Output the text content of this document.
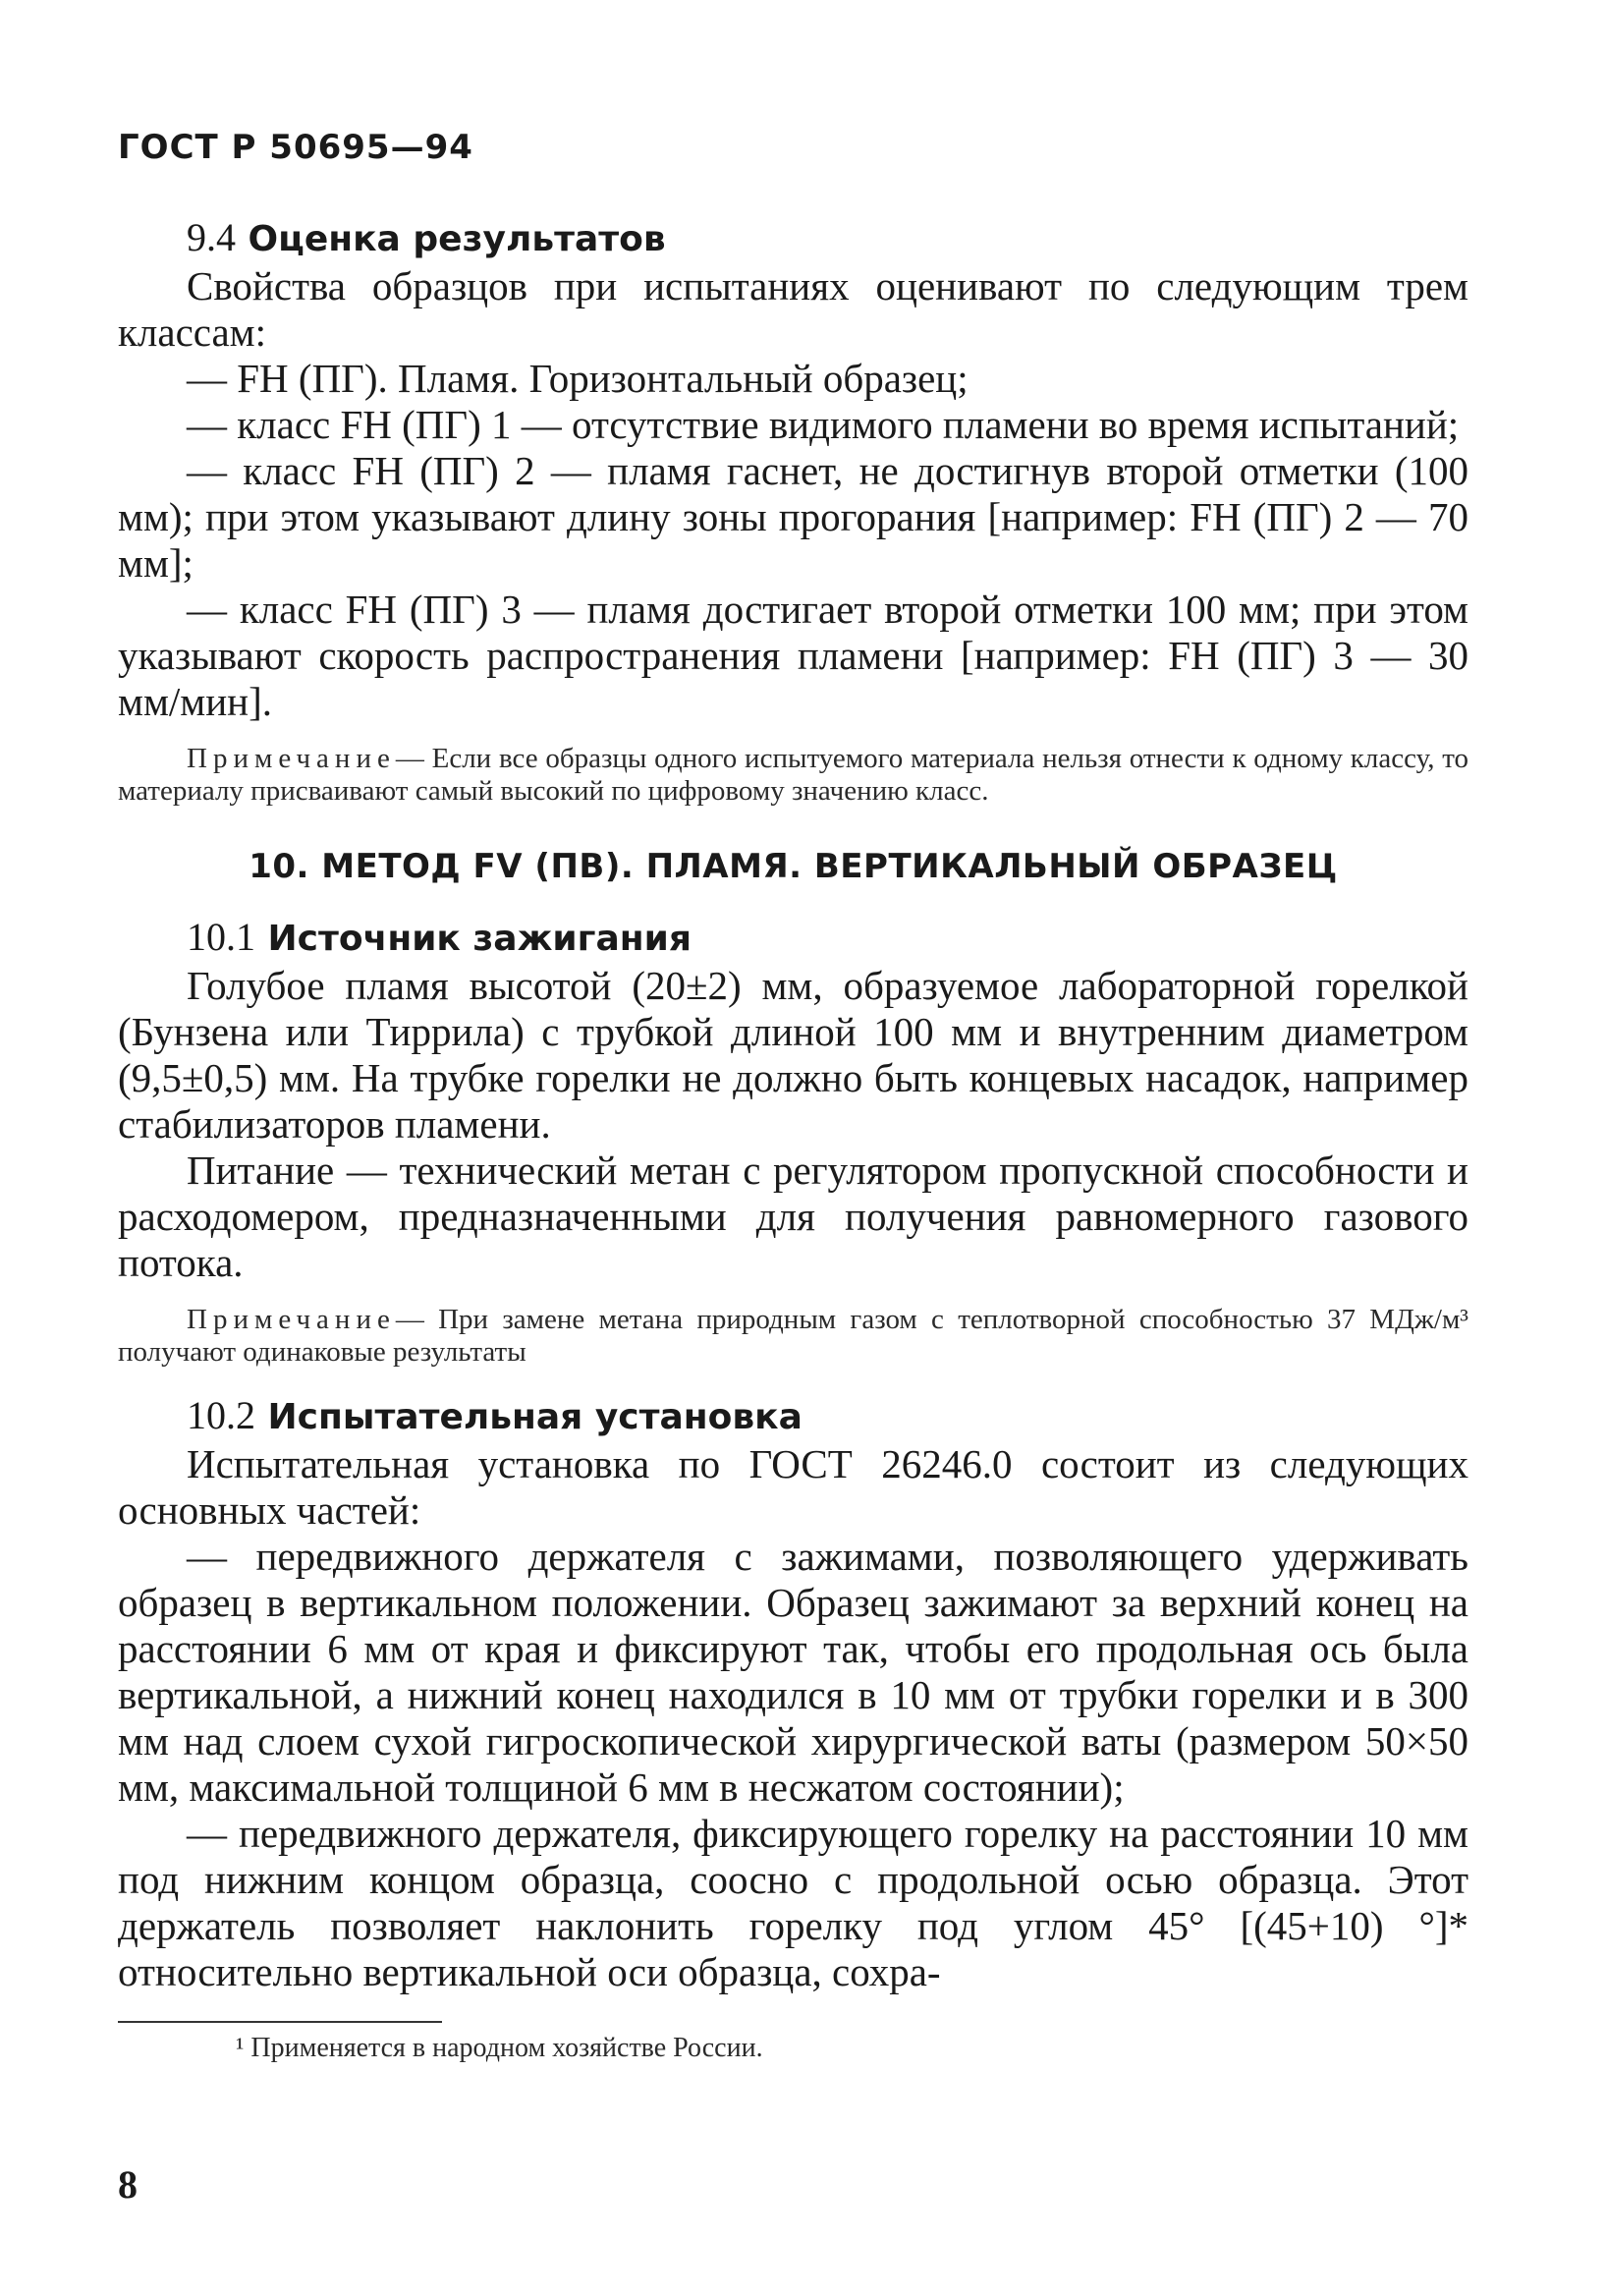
ГОСТ Р 50695—94

9.4 Оценка результатов

Свойства образцов при испытаниях оценивают по следующим трем классам:

— FH (ПГ). Пламя. Горизонтальный образец;

— класс FH (ПГ) 1 — отсутствие видимого пламени во время испытаний;

— класс FH (ПГ) 2 — пламя гаснет, не достигнув второй отметки (100 мм); при этом указывают длину зоны прогорания [например: FH (ПГ) 2 — 70 мм];

— класс FH (ПГ) 3 — пламя достигает второй отметки 100 мм; при этом указывают скорость распространения пламени [например: FH (ПГ) 3 — 30 мм/мин].

Примечание— Если все образцы одного испытуемого материала нельзя отнести к одному классу, то материалу присваивают самый высокий по цифровому значению класс.

10. МЕТОД FV (ПВ). ПЛАМЯ. ВЕРТИКАЛЬНЫЙ ОБРАЗЕЦ

10.1 Источник зажигания

Голубое пламя высотой (20±2) мм, образуемое лабораторной горелкой (Бунзена или Тиррила) с трубкой длиной 100 мм и внутренним диаметром (9,5±0,5) мм. На трубке горелки не должно быть концевых насадок, например стабилизаторов пламени.

Питание — технический метан с регулятором пропускной способности и расходомером, предназначенными для получения равномерного газового потока.

Примечание— При замене метана природным газом с теплотворной способностью 37 МДж/м³ получают одинаковые результаты

10.2 Испытательная установка

Испытательная установка по ГОСТ 26246.0 состоит из следующих основных частей:

— передвижного держателя с зажимами, позволяющего удерживать образец в вертикальном положении. Образец зажимают за верхний конец на расстоянии 6 мм от края и фиксируют так, чтобы его продольная ось была вертикальной, а нижний конец находился в 10 мм от трубки горелки и в 300 мм над слоем сухой гигроскопической хирургической ваты (размером 50×50 мм, максимальной толщиной 6 мм в несжатом состоянии);

— передвижного держателя, фиксирующего горелку на расстоянии 10 мм под нижним концом образца, соосно с продольной осью образца. Этот держатель позволяет наклонить горелку под углом 45° [(45+10) °]* относительно вертикальной оси образца, сохра-

¹ Применяется в народном хозяйстве России.

8
